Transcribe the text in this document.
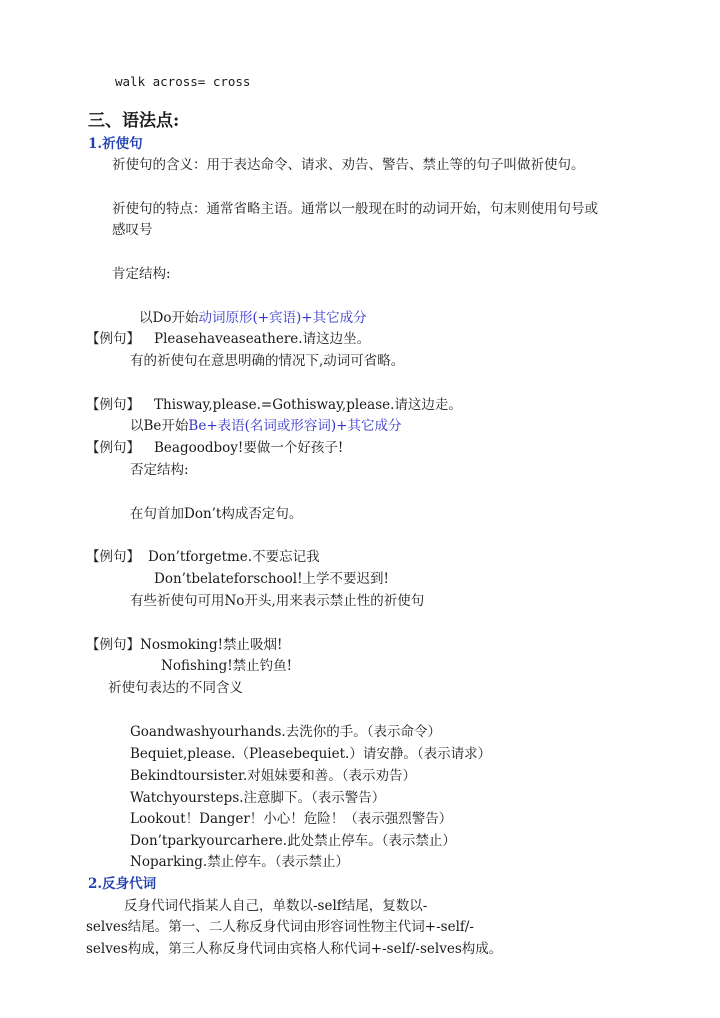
walk across= cross
三、语法点:
1.祈使句
祈使句的含义：用于表达命令、请求、劝告、警告、禁止等的句子叫做祈使句。
祈使句的特点：通常省略主语。通常以一般现在时的动词开始，句末则使用句号或
感叹号
肯定结构:
以Do开始动词原形(+宾语)+其它成分
【例句】 Pleasehaveaseathere.请这边坐。
有的祈使句在意思明确的情况下,动词可省略。
【例句】 Thisway,please.=Gothisway,please.请这边走。
以Be开始Be+表语(名词或形容词)+其它成分
【例句】 Beagoodboy!要做一个好孩子!
否定结构:
在句首加Don’t构成否定句。
【例句】 Don’tforgetme.不要忘记我
Don’tbelateforschool!上学不要迟到!
有些祈使句可用No开头,用来表示禁止性的祈使句
【例句】Nosmoking!禁止吸烟!
Nofishing!禁止钓鱼!
祈使句表达的不同含义
Goandwashyourhands.去洗你的手。（表示命令）
Bequiet,please.（Pleasebequiet.）请安静。（表示请求）
Bekindtoursister.对姐妹要和善。（表示劝告）
Watchyoursteps.注意脚下。（表示警告）
Lookout！Danger！小心！危险！（表示强烈警告）
Don’tparkyourcarhere.此处禁止停车。（表示禁止）
Noparking.禁止停车。（表示禁止）
2.反身代词
反身代词代指某人自己，单数以-self结尾，复数以-
selves结尾。第一、二人称反身代词由形容词性物主代词+-self/-
selves构成，第三人称反身代词由宾格人称代词+-self/-selves构成。
